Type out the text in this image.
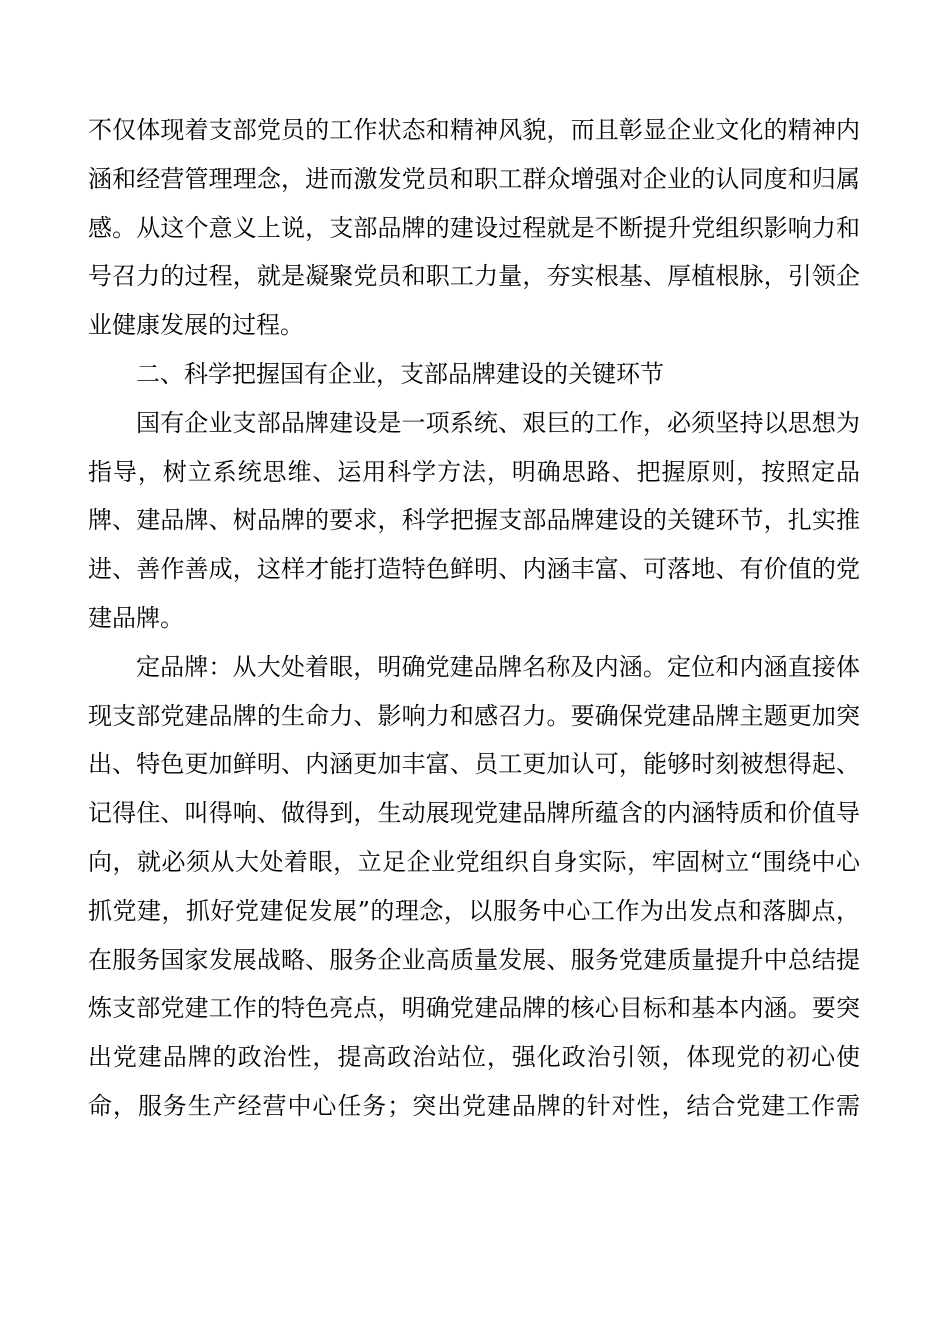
不仅体现着支部党员的工作状态和精神风貌，而且彰显企业文化的精神内
涵和经营管理理念，进而激发党员和职工群众增强对企业的认同度和归属
感。从这个意义上说，支部品牌的建设过程就是不断提升党组织影响力和
号召力的过程，就是凝聚党员和职工力量，夯实根基、厚植根脉，引领企
业健康发展的过程。
二、科学把握国有企业，支部品牌建设的关键环节
国有企业支部品牌建设是一项系统、艰巨的工作，必须坚持以思想为
指导，树立系统思维、运用科学方法，明确思路、把握原则，按照定品
牌、建品牌、树品牌的要求，科学把握支部品牌建设的关键环节，扎实推
进、善作善成，这样才能打造特色鲜明、内涵丰富、可落地、有价值的党
建品牌。
定品牌：从大处着眼，明确党建品牌名称及内涵。定位和内涵直接体
现支部党建品牌的生命力、影响力和感召力。要确保党建品牌主题更加突
出、特色更加鲜明、内涵更加丰富、员工更加认可，能够时刻被想得起、
记得住、叫得响、做得到，生动展现党建品牌所蕴含的内涵特质和价值导
向，就必须从大处着眼，立足企业党组织自身实际，牢固树立“围绕中心
抓党建，抓好党建促发展”的理念，以服务中心工作为出发点和落脚点，
在服务国家发展战略、服务企业高质量发展、服务党建质量提升中总结提
炼支部党建工作的特色亮点，明确党建品牌的核心目标和基本内涵。要突
出党建品牌的政治性，提高政治站位，强化政治引领，体现党的初心使
命，服务生产经营中心任务；突出党建品牌的针对性，结合党建工作需
